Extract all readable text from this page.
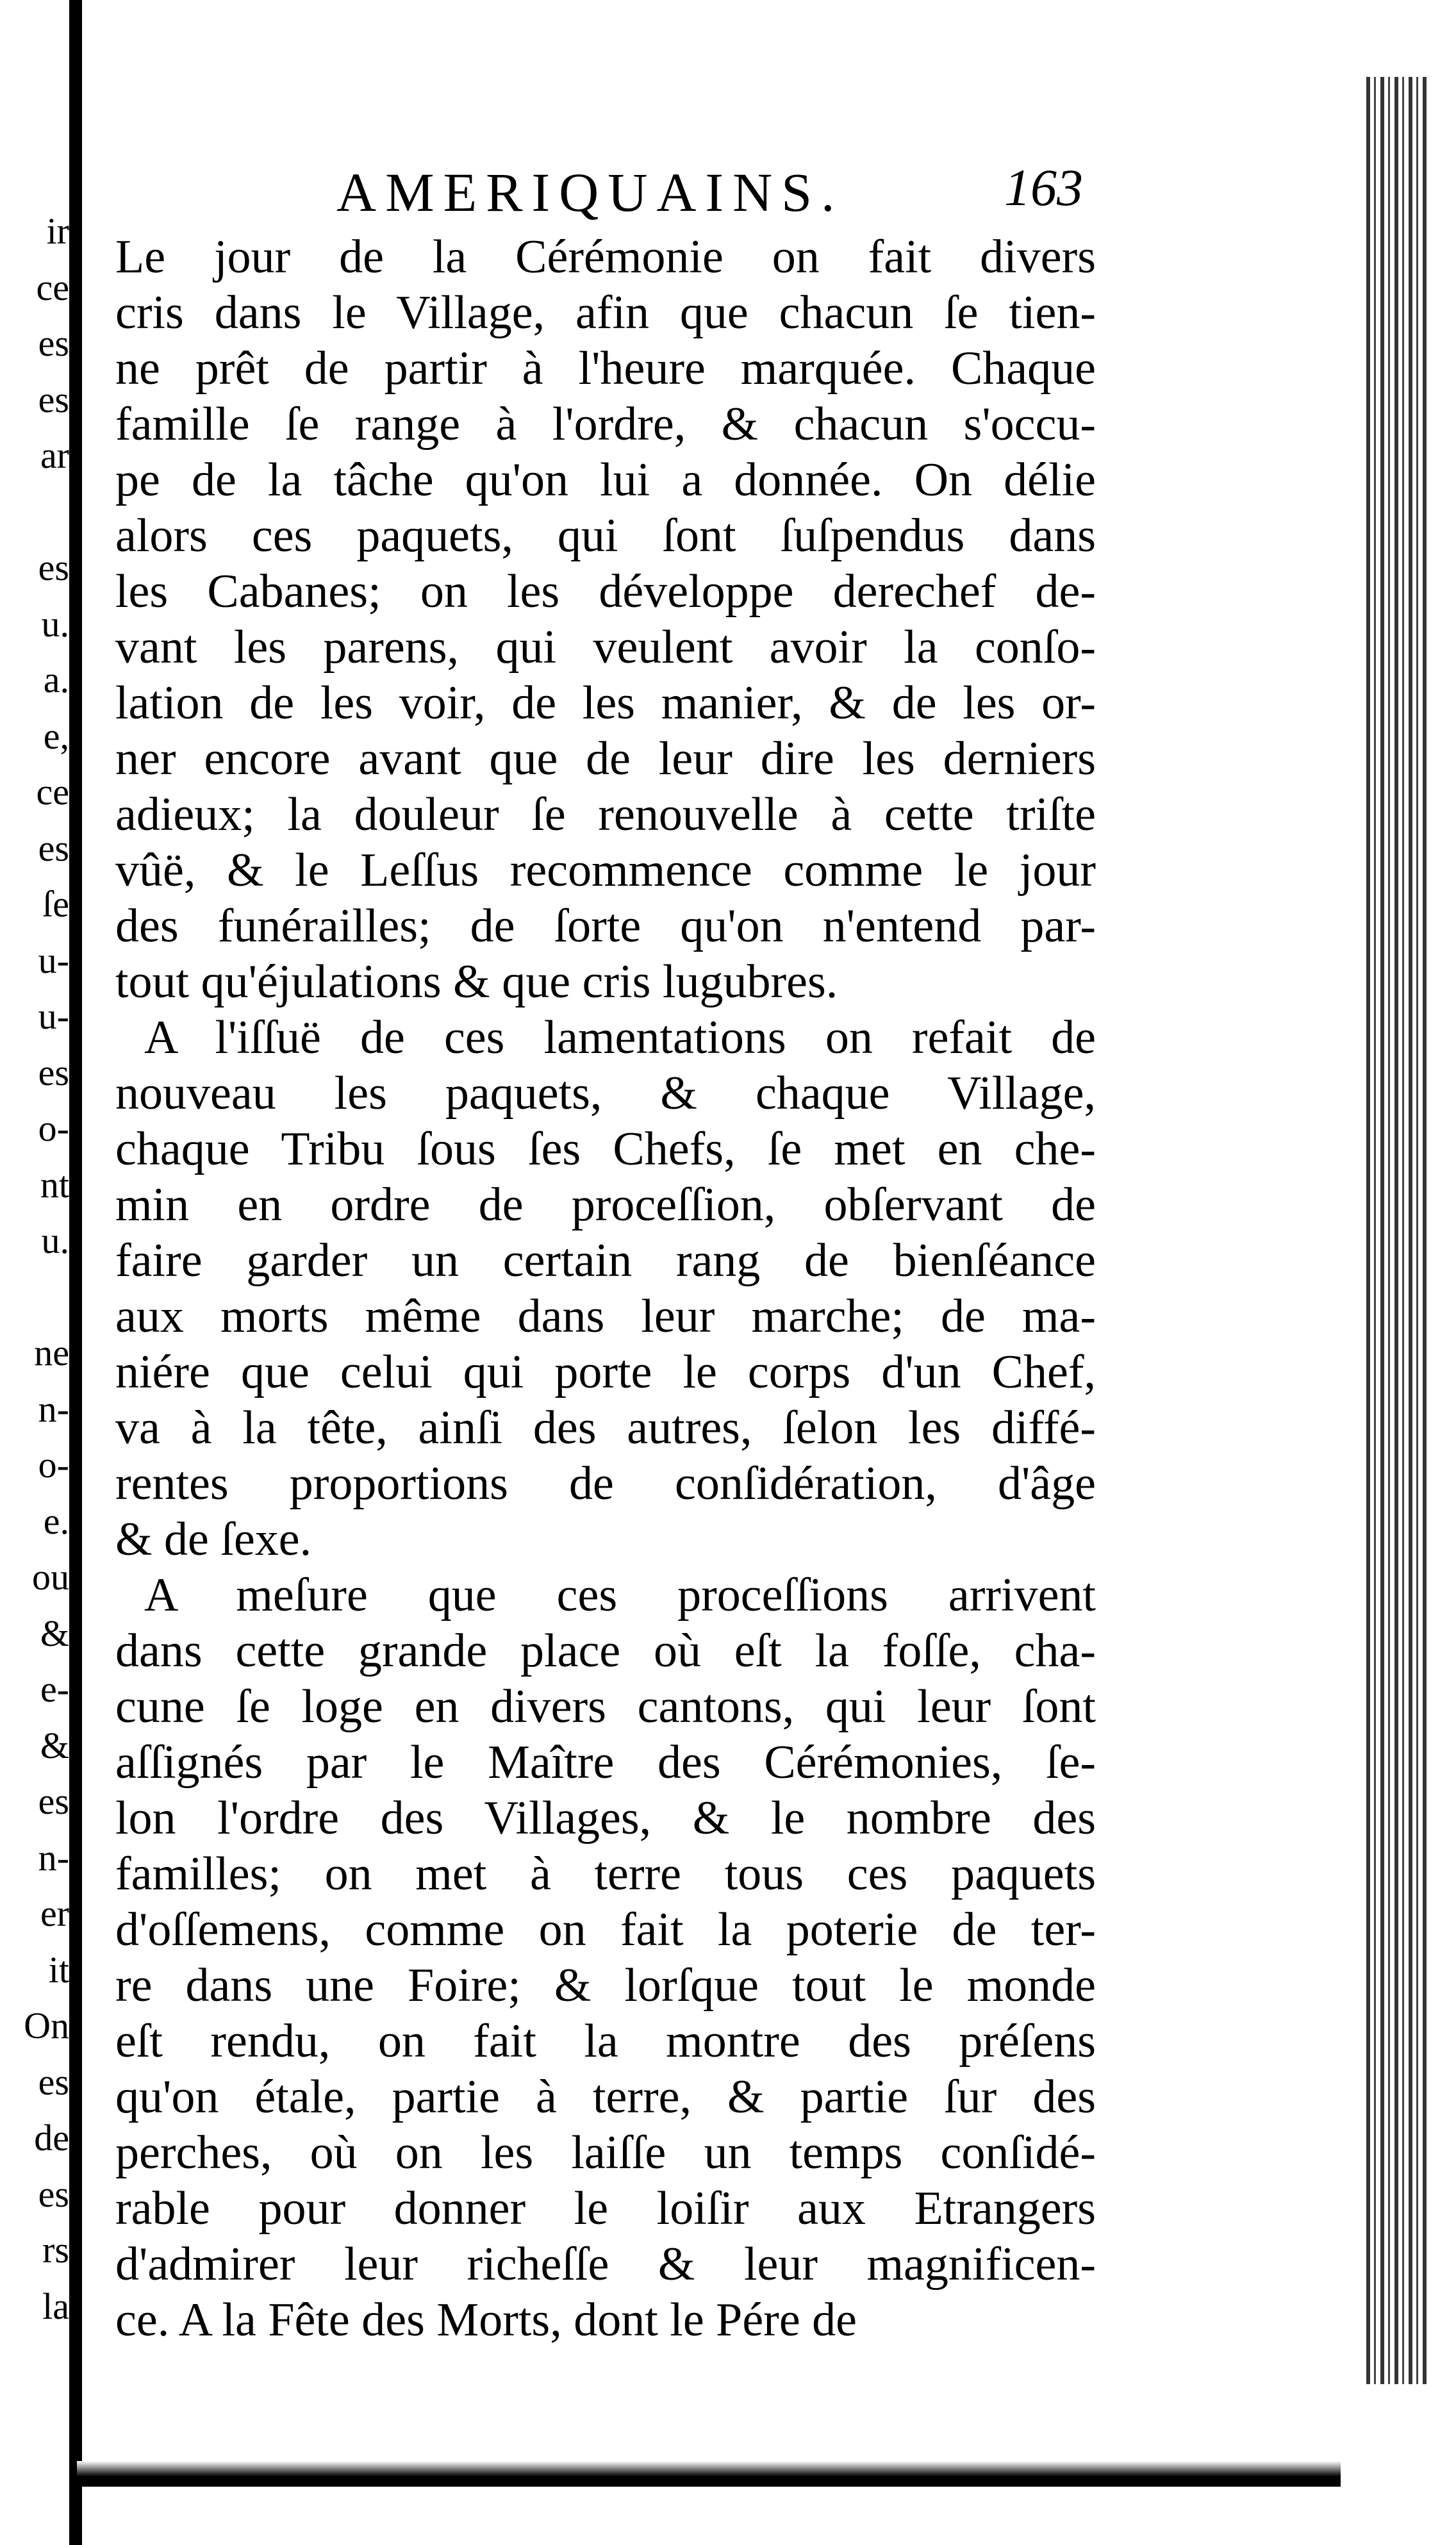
ir
ce
es
es
ar
es
u.
a.
e,
ce
es
ſe
u-
u-
es
o-
nt
u.
ne
n-
o-
e.
ou
&
e-
&
es
n-
er
it
On
es
de
es
rs
la
AMERIQUAINS.	163
Le jour de la Cérémonie on fait divers
cris dans le Village, afin que chacun ſe tien-
ne prêt de partir à l'heure marquée. Chaque
famille ſe range à l'ordre, & chacun s'occu-
pe de la tâche qu'on lui a donnée. On délie
alors ces paquets, qui ſont ſuſpendus dans
les Cabanes; on les développe derechef de-
vant les parens, qui veulent avoir la conſo-
lation de les voir, de les manier, & de les or-
ner encore avant que de leur dire les derniers
adieux; la douleur ſe renouvelle à cette triſte
vûë, & le Leſſus recommence comme le jour
des funérailles; de ſorte qu'on n'entend par-
tout qu'éjulations & que cris lugubres.
A l'iſſuë de ces lamentations on refait de
nouveau les paquets, & chaque Village,
chaque Tribu ſous ſes Chefs, ſe met en che-
min en ordre de proceſſion, obſervant de
faire garder un certain rang de bienſéance
aux morts même dans leur marche; de ma-
niére que celui qui porte le corps d'un Chef,
va à la tête, ainſi des autres, ſelon les diffé-
rentes proportions de conſidération, d'âge
& de ſexe.
A meſure que ces proceſſions arrivent
dans cette grande place où eſt la foſſe, cha-
cune ſe loge en divers cantons, qui leur ſont
aſſignés par le Maître des Cérémonies, ſe-
lon l'ordre des Villages, & le nombre des
familles; on met à terre tous ces paquets
d'oſſemens, comme on fait la poterie de ter-
re dans une Foire; & lorſque tout le monde
eſt rendu, on fait la montre des préſens
qu'on étale, partie à terre, & partie ſur des
perches, où on les laiſſe un temps conſidé-
rable pour donner le loiſir aux Etrangers
d'admirer leur richeſſe & leur magnificen-
ce. A la Fête des Morts, dont le Pére de
